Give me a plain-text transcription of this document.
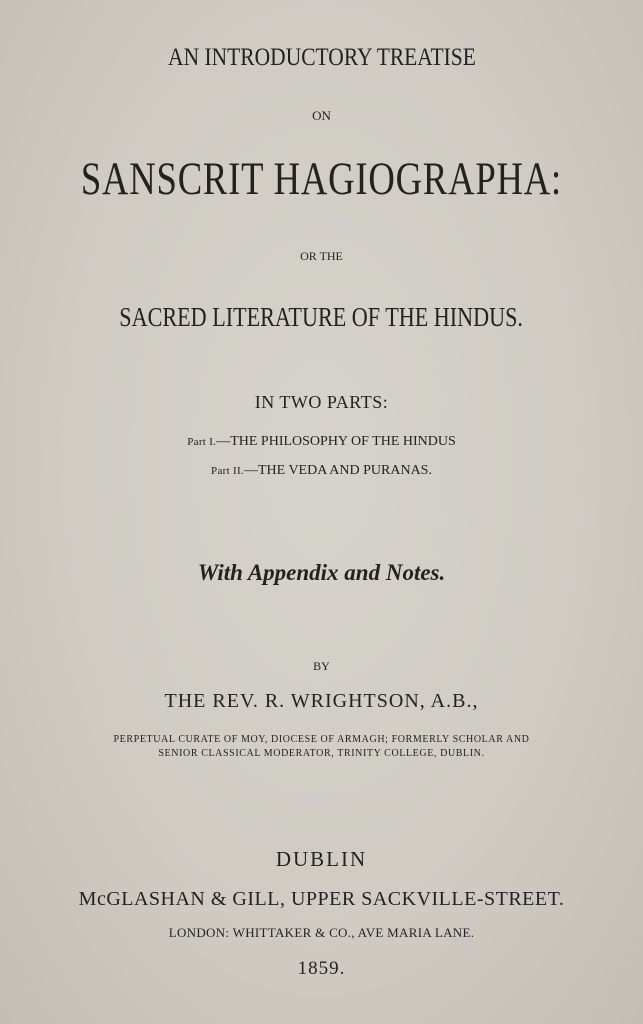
AN INTRODUCTORY TREATISE
ON
SANSCRIT HAGIOGRAPHA:
OR THE
SACRED LITERATURE OF THE HINDUS.
IN TWO PARTS:
Part I.—THE PHILOSOPHY OF THE HINDUS
Part II.—THE VEDA AND PURANAS.
With Appendix and Notes.
BY
THE REV. R. WRIGHTSON, A.B.,
PERPETUAL CURATE OF MOY, DIOCESE OF ARMAGH; FORMERLY SCHOLAR AND
SENIOR CLASSICAL MODERATOR, TRINITY COLLEGE, DUBLIN.
DUBLIN
McGLASHAN & GILL, UPPER SACKVILLE-STREET.
LONDON: WHITTAKER & CO., AVE MARIA LANE.
1859.
